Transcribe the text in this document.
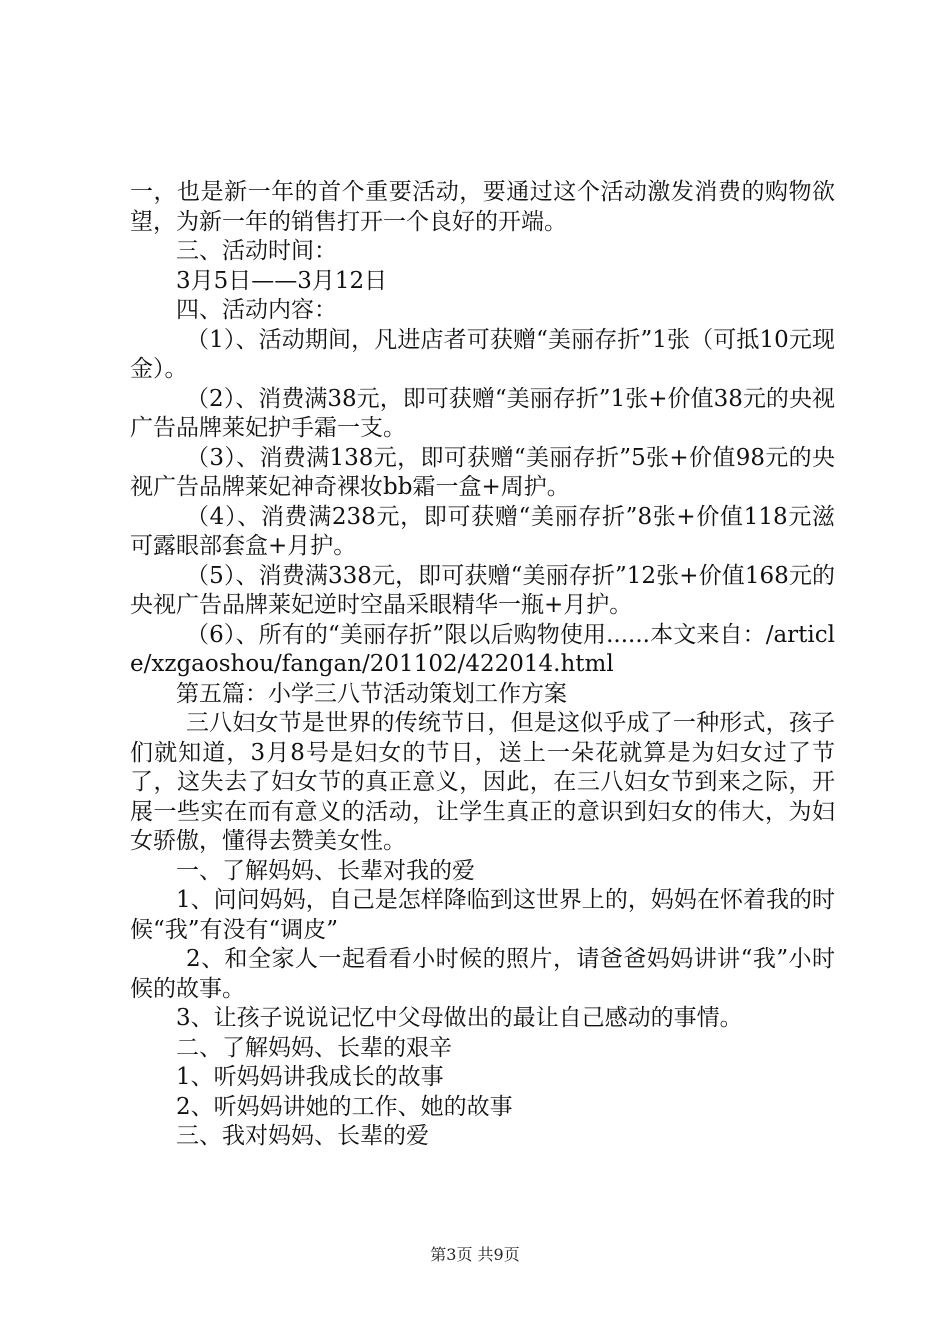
一，也是新一年的首个重要活动，要通过这个活动激发消费的购物欲望，为新一年的销售打开一个良好的开端。

三、活动时间：

3月5日——3月12日

四、活动内容：

（1）、活动期间，凡进店者可获赠“美丽存折”1张（可抵10元现金）。

（2）、消费满38元，即可获赠“美丽存折”1张+价值38元的央视广告品牌莱妃护手霜一支。

（3）、消费满138元，即可获赠“美丽存折”5张+价值98元的央视广告品牌莱妃神奇裸妆bb霜一盒+周护。

（4）、消费满238元，即可获赠“美丽存折”8张+价值118元滋可露眼部套盒+月护。

（5）、消费满338元，即可获赠“美丽存折”12张+价值168元的央视广告品牌莱妃逆时空晶采眼精华一瓶+月护。

（6）、所有的“美丽存折”限以后购物使用......本文来自：/article/xzgaoshou/fangan/201102/422014.html

第五篇：小学三八节活动策划工作方案

三八妇女节是世界的传统节日，但是这似乎成了一种形式，孩子们就知道，3月8号是妇女的节日，送上一朵花就算是为妇女过了节了，这失去了妇女节的真正意义，因此，在三八妇女节到来之际，开展一些实在而有意义的活动，让学生真正的意识到妇女的伟大，为妇女骄傲，懂得去赞美女性。

一、了解妈妈、长辈对我的爱

1、问问妈妈，自己是怎样降临到这世界上的，妈妈在怀着我的时候“我”有没有“调皮”

2、和全家人一起看看小时候的照片，请爸爸妈妈讲讲“我”小时候的故事。

3、让孩子说说记忆中父母做出的最让自己感动的事情。

二、了解妈妈、长辈的艰辛

1、听妈妈讲我成长的故事

2、听妈妈讲她的工作、她的故事

三、我对妈妈、长辈的爱

第3页 共9页
